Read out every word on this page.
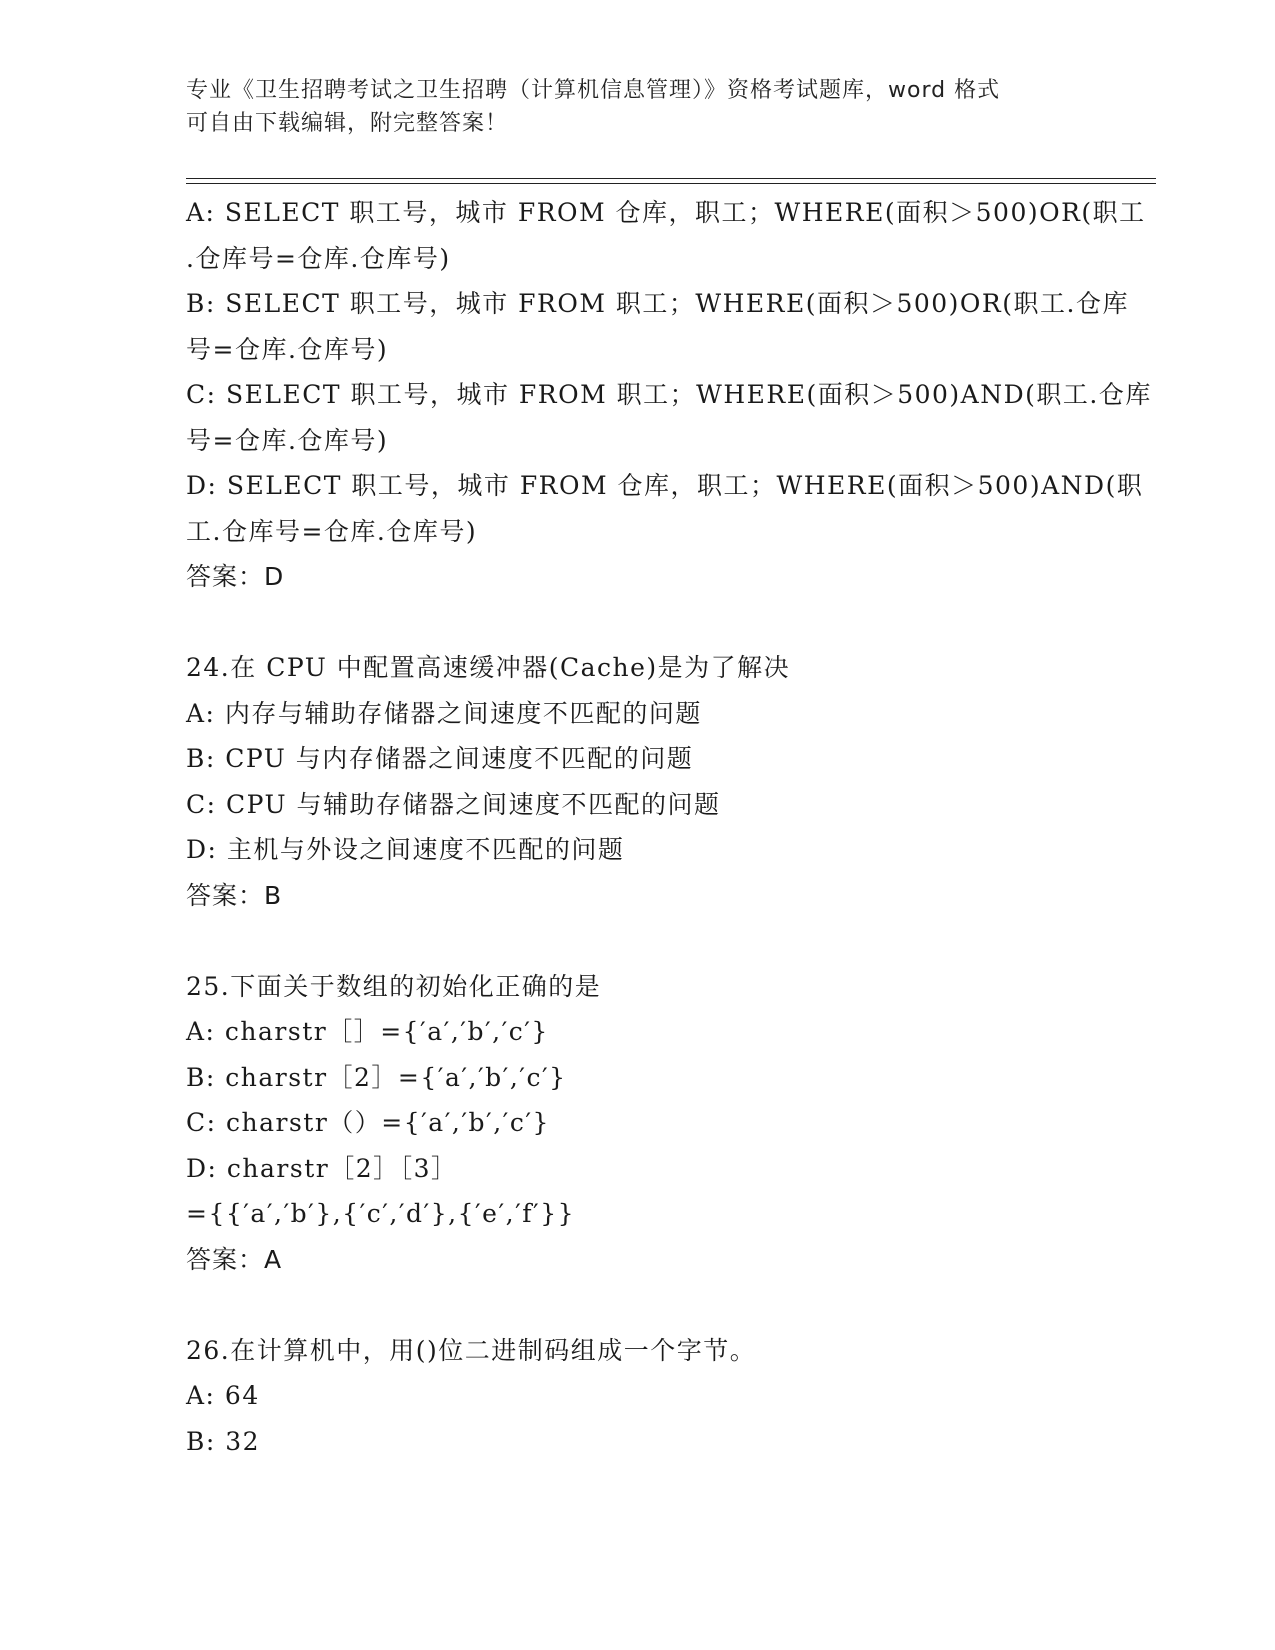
专业《卫生招聘考试之卫生招聘（计算机信息管理）》资格考试题库，word 格式
可自由下载编辑，附完整答案！
A: SELECT 职工号，城市 FROM 仓库，职工；WHERE(面积＞500)OR(职工
.仓库号=仓库.仓库号)
B: SELECT 职工号，城市 FROM 职工；WHERE(面积＞500)OR(职工.仓库
号=仓库.仓库号)
C: SELECT 职工号，城市 FROM 职工；WHERE(面积＞500)AND(职工.仓库
号=仓库.仓库号)
D: SELECT 职工号，城市 FROM 仓库，职工；WHERE(面积＞500)AND(职
工.仓库号=仓库.仓库号)
答案：D
24.在 CPU 中配置高速缓冲器(Cache)是为了解决
A: 内存与辅助存储器之间速度不匹配的问题
B: CPU 与内存储器之间速度不匹配的问题
C: CPU 与辅助存储器之间速度不匹配的问题
D: 主机与外设之间速度不匹配的问题
答案：B
25.下面关于数组的初始化正确的是
A: charstr［］={′a′,′b′,′c′}
B: charstr［2］={′a′,′b′,′c′}
C: charstr（）={′a′,′b′,′c′}
D: charstr［2］［3］
={{′a′,′b′},{′c′,′d′},{′e′,′f′}}
答案：A
26.在计算机中，用()位二进制码组成一个字节。
A: 64
B: 32
